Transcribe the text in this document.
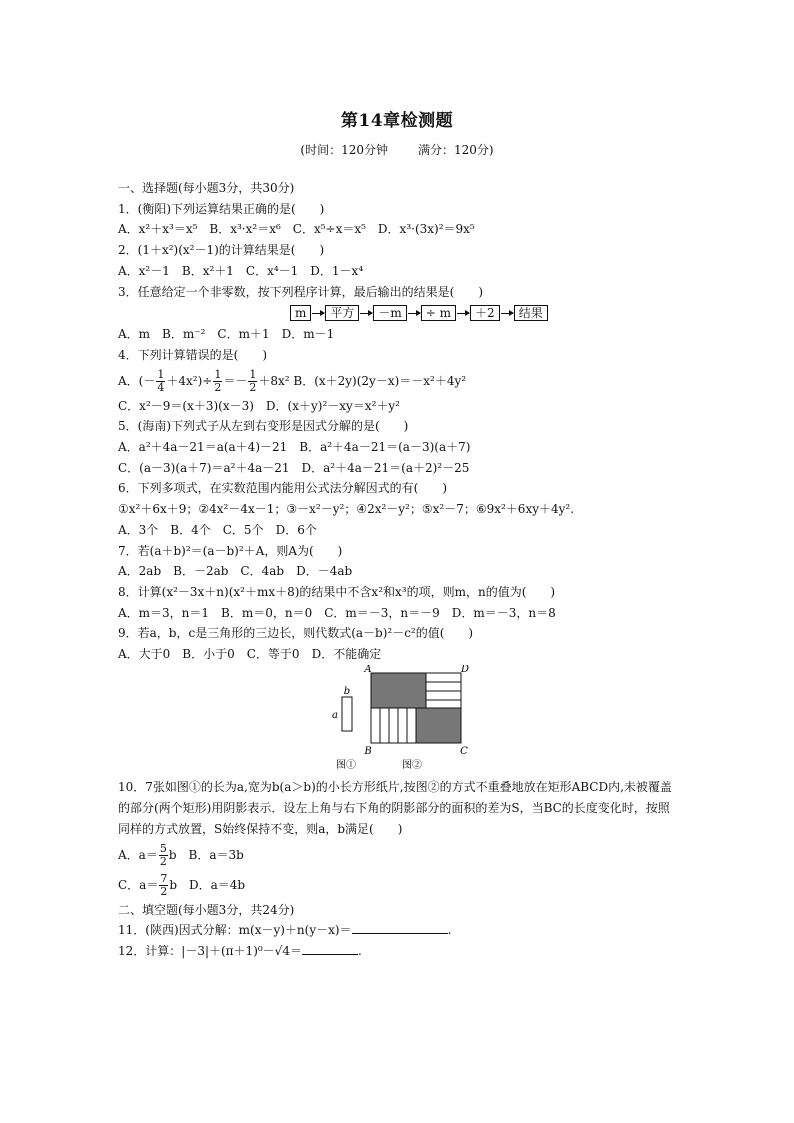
第14章检测题
(时间：120分钟	满分：120分)
一、选择题(每小题3分，共30分)
1．(衡阳)下列运算结果正确的是(　　)
A．x²＋x³＝x⁵　B．x³·x²＝x⁶　C．x⁵÷x＝x⁵　D．x³·(3x)²＝9x⁵
2．(1＋x²)(x²－1)的计算结果是(　　)
A．x²－1　B．x²＋1　C．x⁴－1　D．1－x⁴
3．任意给定一个非零数，按下列程序计算，最后输出的结果是(　　)
m	平方	－m	÷ m	＋2	结果
A．m　B．m⁻²　C．m＋1　D．m－1
4．下列计算错误的是(　　)
A．(－ $\frac{1}{4} +4x^2)\div \frac{1}{2} =- \frac{1}{2} +8x^2$ B．(x＋2y)(2y－x)＝－x²＋4y²
C．x²－9＝(x＋3)(x－3)　D．(x＋y)²－xy＝x²＋y²
5．(海南)下列式子从左到右变形是因式分解的是(　　)
A．a²＋4a－21＝a(a＋4)－21　B．a²＋4a－21＝(a－3)(a＋7)
C．(a－3)(a＋7)＝a²＋4a－21　D．a²＋4a－21＝(a＋2)²－25
6．下列多项式，在实数范围内能用公式法分解因式的有(　　)
①x²＋6x＋9；②4x²－4x－1；③－x²－y²；④2x²－y²；⑤x²－7；⑥9x²＋6xy＋4y².
A．3个　B．4个　C．5个　D．6个
7．若(a＋b)²＝(a－b)²＋A，则A为(　　)
A．2ab　B．－2ab　C．4ab　D．－4ab
8．计算(x²－3x＋n)(x²＋mx＋8)的结果中不含x²和x³的项，则m，n的值为(　　)
A．m＝3，n＝1　B．m＝0，n＝0　C．m＝－3，n＝－9　D．m＝－3，n＝8
9．若a，b，c是三角形的三边长，则代数式(a－b)²－c²的值(　　)
A．大于0　B．小于0　C．等于0　D．不能确定
b
a
A	D
B	C
图①	图②
10．7张如图①的长为a,宽为b(a＞b)的小长方形纸片,按图②的方式不重叠地放在矩形ABCD内,未被覆盖的部分(两个矩形)用阴影表示．设左上角与右下角的阴影部分的面积的差为S，当BC的长度变化时，按照同样的方式放置，S始终保持不变，则a，b满足(　　)
A．$a= \frac{5}{2}$ b　B．a＝3b
C．$a= \frac{7}{2}$ b　D．a＝4b
二、填空题(每小题3分，共24分)
11．(陕西)因式分解：m(x－y)＋n(y－x)＝	.
12．计算：|－3|＋(π＋1)⁰－√4＝	.
